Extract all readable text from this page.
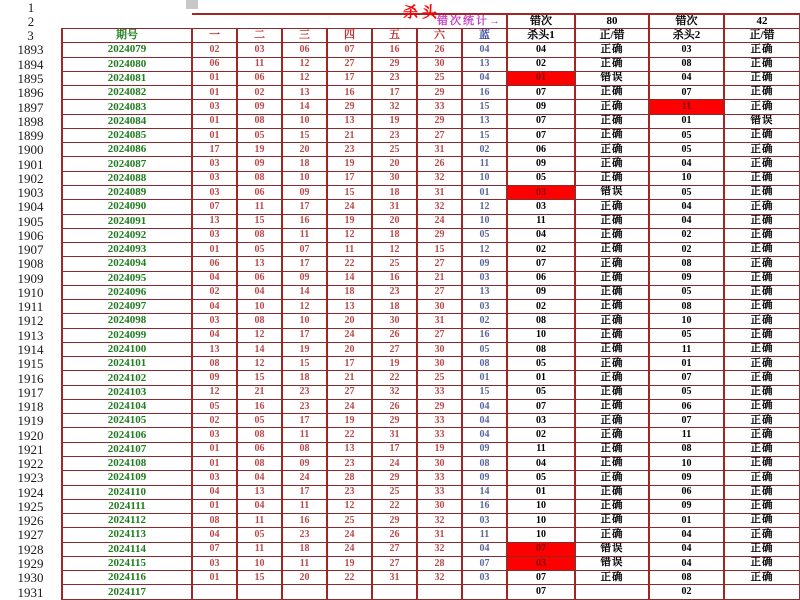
杀头
1												
2	错次统计→								错次	80	错次	42
3	期号	一	二	三	四	五	六	蓝	杀头1	正/错	杀头2	正/错
1893	2024079	02	03	06	07	16	26	04	04	正确	03	正确
1894	2024080	06	11	12	27	29	30	13	02	正确	08	正确
1895	2024081	01	06	12	17	23	25	04	01	错误	04	正确
1896	2024082	01	02	13	16	17	29	16	07	正确	07	正确
1897	2024083	03	09	14	29	32	33	15	09	正确	11	正确
1898	2024084	01	08	10	13	19	29	13	07	正确	01	错误
1899	2024085	01	05	15	21	23	27	15	07	正确	05	正确
1900	2024086	17	19	20	23	25	31	02	06	正确	05	正确
1901	2024087	03	09	18	19	20	26	11	09	正确	04	正确
1902	2024088	03	08	10	17	30	32	10	05	正确	10	正确
1903	2024089	03	06	09	15	18	31	01	03	错误	05	正确
1904	2024090	07	11	17	24	31	32	12	03	正确	04	正确
1905	2024091	13	15	16	19	20	24	10	11	正确	04	正确
1906	2024092	03	08	11	12	18	29	05	04	正确	02	正确
1907	2024093	01	05	07	11	12	15	12	02	正确	02	正确
1908	2024094	06	13	17	22	25	27	09	07	正确	08	正确
1909	2024095	04	06	09	14	16	21	03	06	正确	09	正确
1910	2024096	02	04	14	18	23	27	13	09	正确	05	正确
1911	2024097	04	10	12	13	18	30	03	02	正确	08	正确
1912	2024098	03	08	10	20	30	31	02	08	正确	10	正确
1913	2024099	04	12	17	24	26	27	16	10	正确	05	正确
1914	2024100	13	14	19	20	27	30	05	08	正确	11	正确
1915	2024101	08	12	15	17	19	30	08	05	正确	01	正确
1916	2024102	09	15	18	21	22	25	01	01	正确	07	正确
1917	2024103	12	21	23	27	32	33	15	05	正确	05	正确
1918	2024104	05	16	23	24	26	29	04	07	正确	06	正确
1919	2024105	02	05	17	19	29	33	04	03	正确	07	正确
1920	2024106	03	08	11	22	31	33	04	02	正确	11	正确
1921	2024107	01	06	08	13	17	19	09	11	正确	08	正确
1922	2024108	01	08	09	23	24	30	08	04	正确	10	正确
1923	2024109	03	04	24	28	29	33	09	05	正确	09	正确
1924	2024110	04	13	17	23	25	33	14	01	正确	06	正确
1925	2024111	01	04	11	12	22	30	16	10	正确	09	正确
1926	2024112	08	11	16	25	29	32	03	10	正确	01	正确
1927	2024113	04	05	23	24	26	31	11	10	正确	04	正确
1928	2024114	07	11	18	24	27	32	04	07	错误	04	正确
1929	2024115	03	10	11	19	27	28	07	03	错误	04	正确
1930	2024116	01	15	20	22	31	32	03	07	正确	08	正确
1931	2024117								07		02	
